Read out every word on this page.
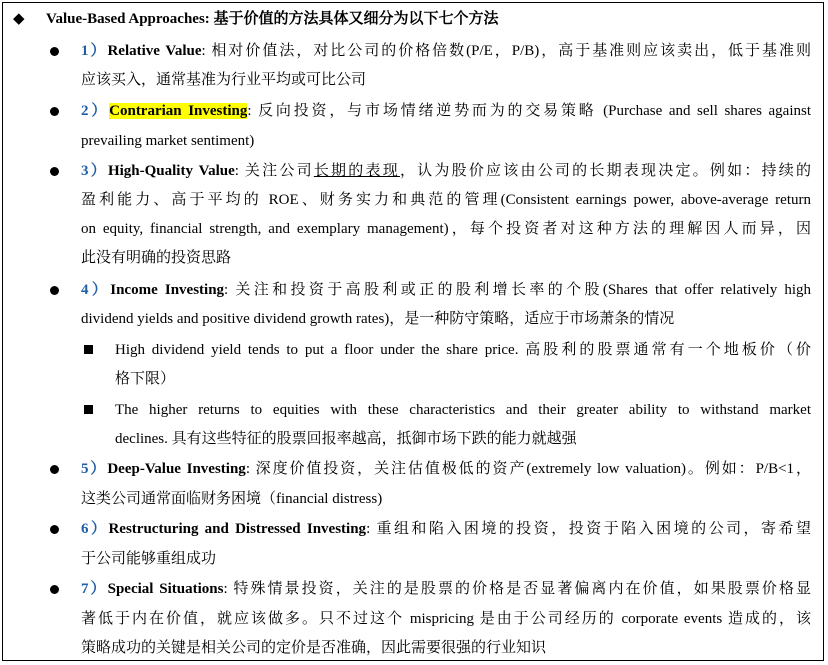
◆ Value-Based Approaches: 基于价值的方法具体又细分为以下七个方法
1）Relative Value: 相对价值法，对比公司的价格倍数(P/E，P/B)，高于基准则应该卖出，低于基准则
应该买入，通常基准为行业平均或可比公司
2）Contrarian Investing: 反向投资，与市场情绪逆势而为的交易策略 (Purchase and sell shares against
prevailing market sentiment)
3）High-Quality Value: 关注公司长期的表现，认为股价应该由公司的长期表现决定。例如：持续的
盈利能力、高于平均的 ROE、财务实力和典范的管理(Consistent earnings power, above-average return
on equity, financial strength, and exemplary management)，每个投资者对这种方法的理解因人而异，因
此没有明确的投资思路
4）Income Investing: 关注和投资于高股利或正的股利增长率的个股(Shares that offer relatively high
dividend yields and positive dividend growth rates)，是一种防守策略，适应于市场萧条的情况
High dividend yield tends to put a floor under the share price. 高股利的股票通常有一个地板价（价
格下限）
The higher returns to equities with these characteristics and their greater ability to withstand market
declines. 具有这些特征的股票回报率越高，抵御市场下跌的能力就越强
5）Deep-Value Investing: 深度价值投资，关注估值极低的资产(extremely low valuation)。例如：P/B<1，
这类公司通常面临财务困境（financial distress)
6）Restructuring and Distressed Investing: 重组和陷入困境的投资，投资于陷入困境的公司，寄希望
于公司能够重组成功
7）Special Situations: 特殊情景投资，关注的是股票的价格是否显著偏离内在价值，如果股票价格显
著低于内在价值，就应该做多。只不过这个 mispricing 是由于公司经历的 corporate events 造成的，该
策略成功的关键是相关公司的定价是否准确，因此需要很强的行业知识
